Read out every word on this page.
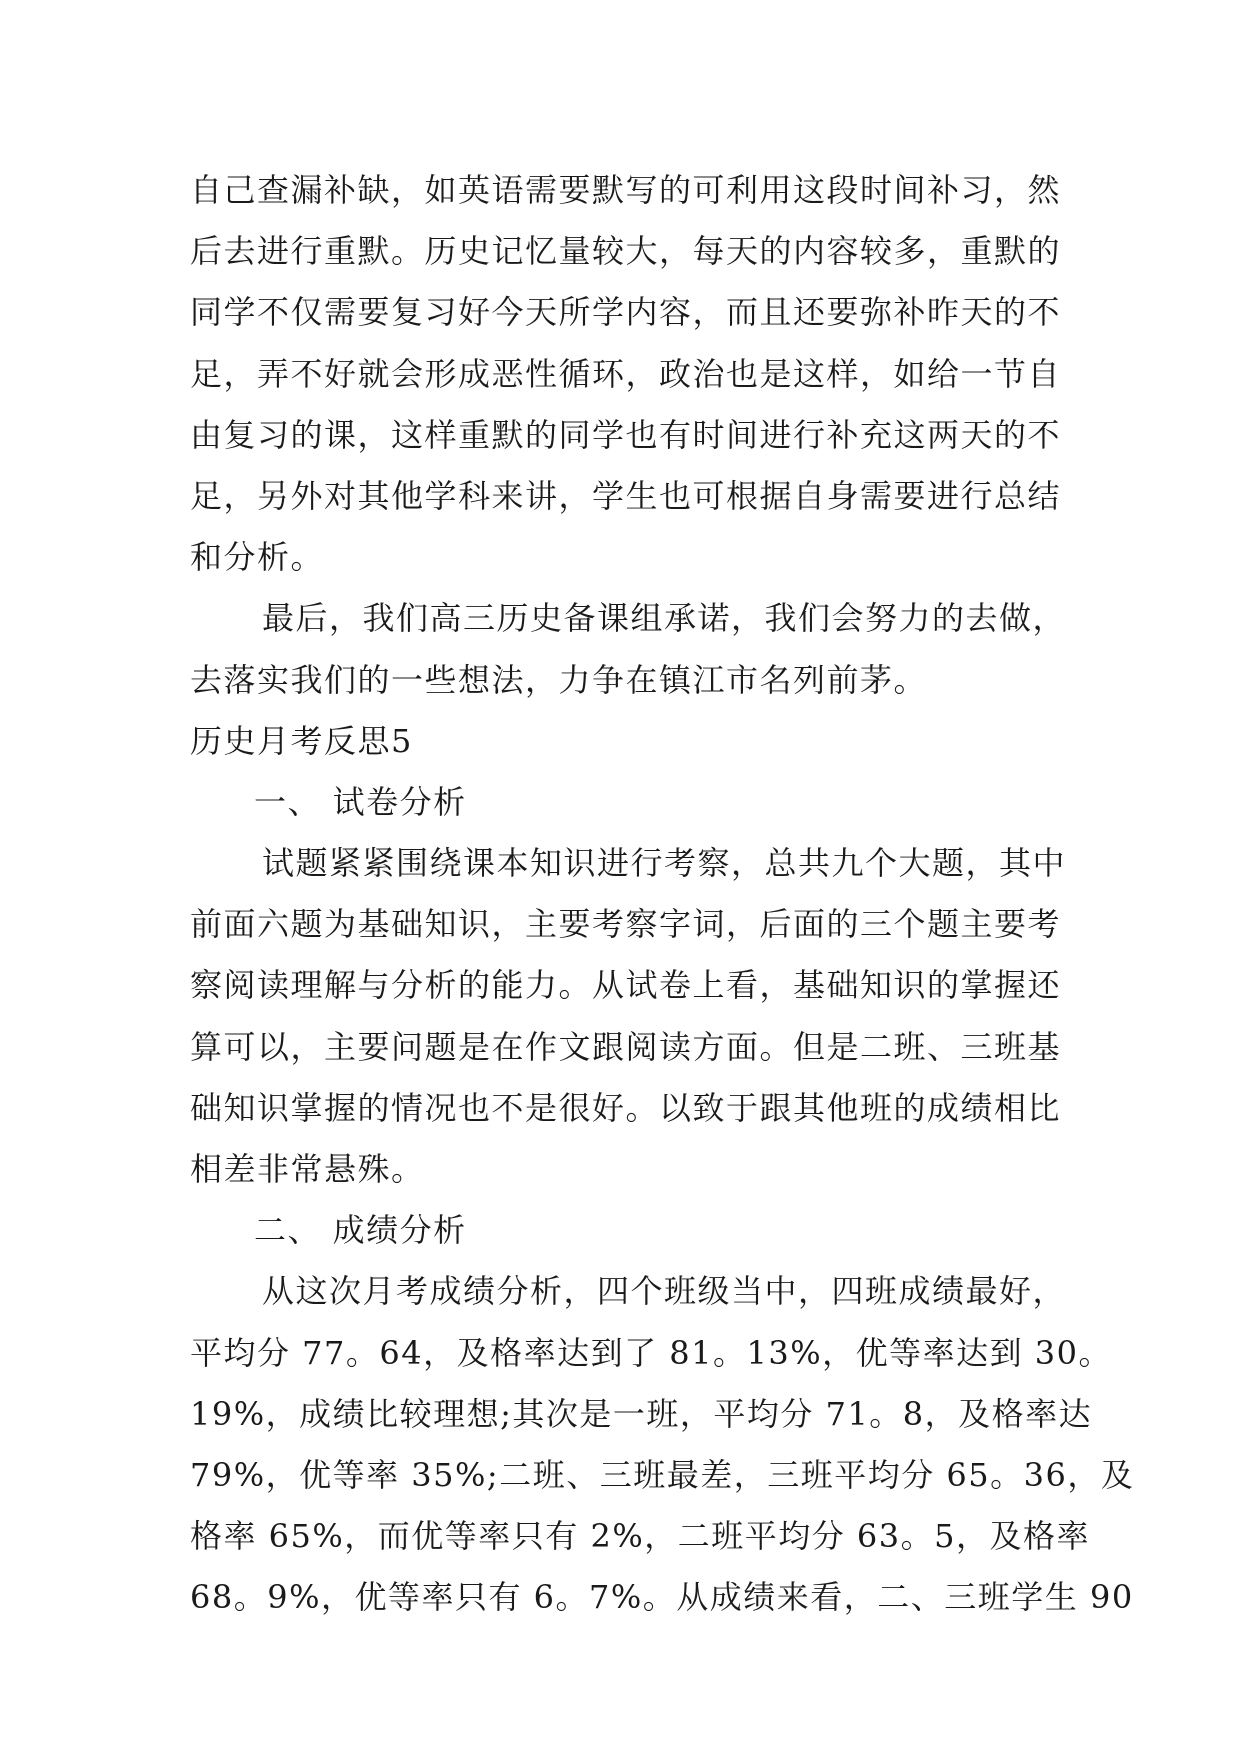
自己查漏补缺，如英语需要默写的可利用这段时间补习，然
后去进行重默。历史记忆量较大，每天的内容较多，重默的
同学不仅需要复习好今天所学内容，而且还要弥补昨天的不
足，弄不好就会形成恶性循环，政治也是这样，如给一节自
由复习的课，这样重默的同学也有时间进行补充这两天的不
足，另外对其他学科来讲，学生也可根据自身需要进行总结
和分析。
最后，我们高三历史备课组承诺，我们会努力的去做，
去落实我们的一些想法，力争在镇江市名列前茅。
历史月考反思5
一、 试卷分析
试题紧紧围绕课本知识进行考察，总共九个大题，其中
前面六题为基础知识，主要考察字词，后面的三个题主要考
察阅读理解与分析的能力。从试卷上看，基础知识的掌握还
算可以，主要问题是在作文跟阅读方面。但是二班、三班基
础知识掌握的情况也不是很好。以致于跟其他班的成绩相比
相差非常悬殊。
二、 成绩分析
从这次月考成绩分析，四个班级当中，四班成绩最好，
平均分 77。64，及格率达到了 81。13%，优等率达到 30。
19%，成绩比较理想;其次是一班，平均分 71。8，及格率达
79%，优等率 35%;二班、三班最差，三班平均分 65。36，及
格率 65%，而优等率只有 2%，二班平均分 63。5，及格率
68。9%，优等率只有 6。7%。从成绩来看，二、三班学生 90
